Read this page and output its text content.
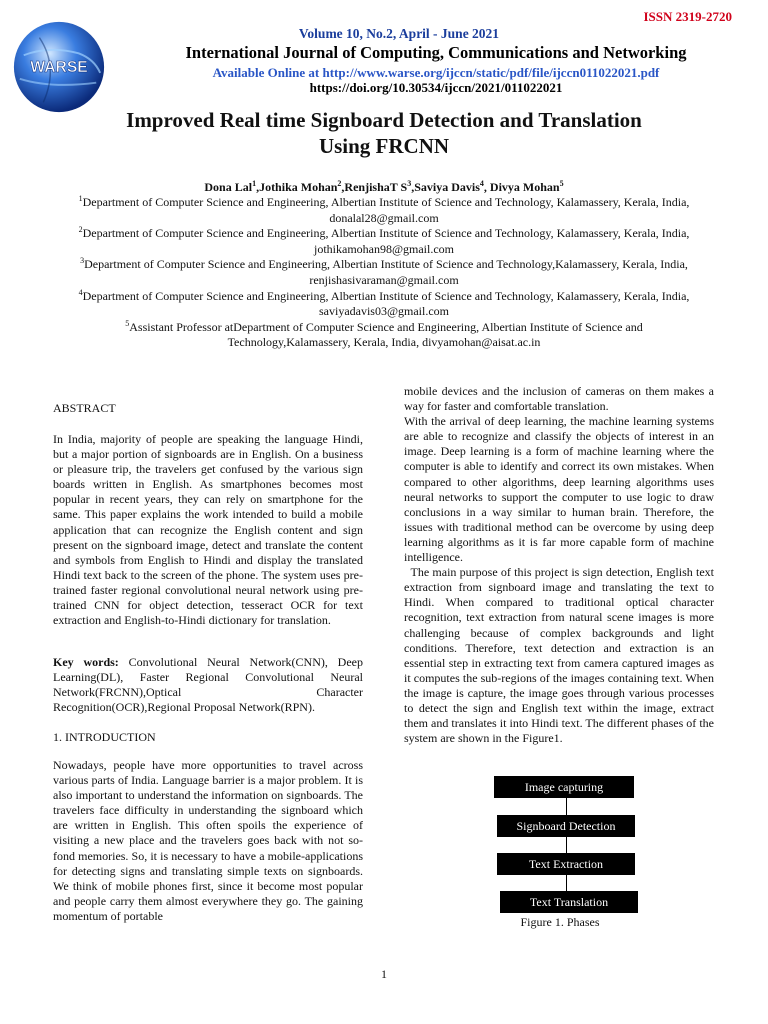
ISSN 2319-2720
WARSE
Volume 10, No.2, April - June 2021
International Journal of Computing, Communications and Networking
Available Online at http://www.warse.org/ijccn/static/pdf/file/ijccn011022021.pdf
https://doi.org/10.30534/ijccn/2021/011022021
Improved Real time Signboard Detection and Translation
Using FRCNN
Dona Lal$^1$,Jothika Mohan$^2$,RenjishaT $S^3,Saviya$ Davis$^4$, Divya Mohan$^5$

$^1$Department of Computer Science and Engineering, Albertian Institute of Science and Technology, Kalamassery, Kerala, India, donalal28@gmail.com

$^2$Department of Computer Science and Engineering, Albertian Institute of Science and Technology, Kalamassery, Kerala, India, jothikamohan98@gmail.com

$^3$Department of Computer Science and Engineering, Albertian Institute of Science and Technology,Kalamassery, Kerala, India, renjishasivaraman@gmail.com

$^4$Department of Computer Science and Engineering, Albertian Institute of Science and Technology, Kalamassery, Kerala, India, saviyadavis03@gmail.com

$^5$Assistant Professor atDepartment of Computer Science and Engineering, Albertian Institute of Science and Technology,Kalamassery, Kerala, India, divyamohan@aisat.ac.in

ABSTRACT
In India, majority of people are speaking the language Hindi, but a major portion of signboards are in English. On a business or pleasure trip, the travelers get confused by the various sign boards written in English. As smartphones becomes most popular in recent years, they can rely on smartphone for the same. This paper explains the work intended to build a mobile application that can recognize the English content and sign present on the signboard image, detect and translate the content and symbols from English to Hindi and display the translated Hindi text back to the screen of the phone. The system uses pre-trained faster regional convolutional neural network using pre-trained CNN for object detection, tesseract OCR for text extraction and English-to-Hindi dictionary for translation.
Key words: Convolutional Neural Network(CNN), Deep Learning(DL), Faster Regional Convolutional Neural Network(FRCNN),Optical Character Recognition(OCR),Regional Proposal Network(RPN).
1. INTRODUCTION
Nowadays, people have more opportunities to travel across various parts of India. Language barrier is a major problem. It is also important to understand the information on signboards. The travelers face difficulty in understanding the signboard which are written in English. This often spoils the experience of visiting a new place and the travelers goes back with not so-fond memories. So, it is necessary to have a mobile-applications for detecting signs and translating simple texts on signboards. We think of mobile phones first, since it become most popular and people carry them almost everywhere they go. The gaining momentum of portable

mobile devices and the inclusion of cameras on them makes a way for faster and comfortable translation.

With the arrival of deep learning, the machine learning systems are able to recognize and classify the objects of interest in an image. Deep learning is a form of machine learning where the computer is able to identify and correct its own mistakes. When compared to other algorithms, deep learning algorithms uses neural networks to support the computer to use logic to draw conclusions in a way similar to human brain. Therefore, the issues with traditional method can be overcome by using deep learning algorithms as it is far more capable form of machine intelligence.

The main purpose of this project is sign detection, English text extraction from signboard image and translating the text to Hindi. When compared to traditional optical character recognition, text extraction from natural scene images is more challenging because of complex backgrounds and light conditions. Therefore, text detection and extraction is an essential step in extracting text from camera captured images as it computes the sub-regions of the images containing text. When the image is capture, the image goes through various processes to detect the sign and English text within the image, extract them and translates it into Hindi text. The different phases of the system are shown in the Figure1.

Image capturing
Signboard Detection
Text Extraction
Text Translation
Figure 1. Phases
1
